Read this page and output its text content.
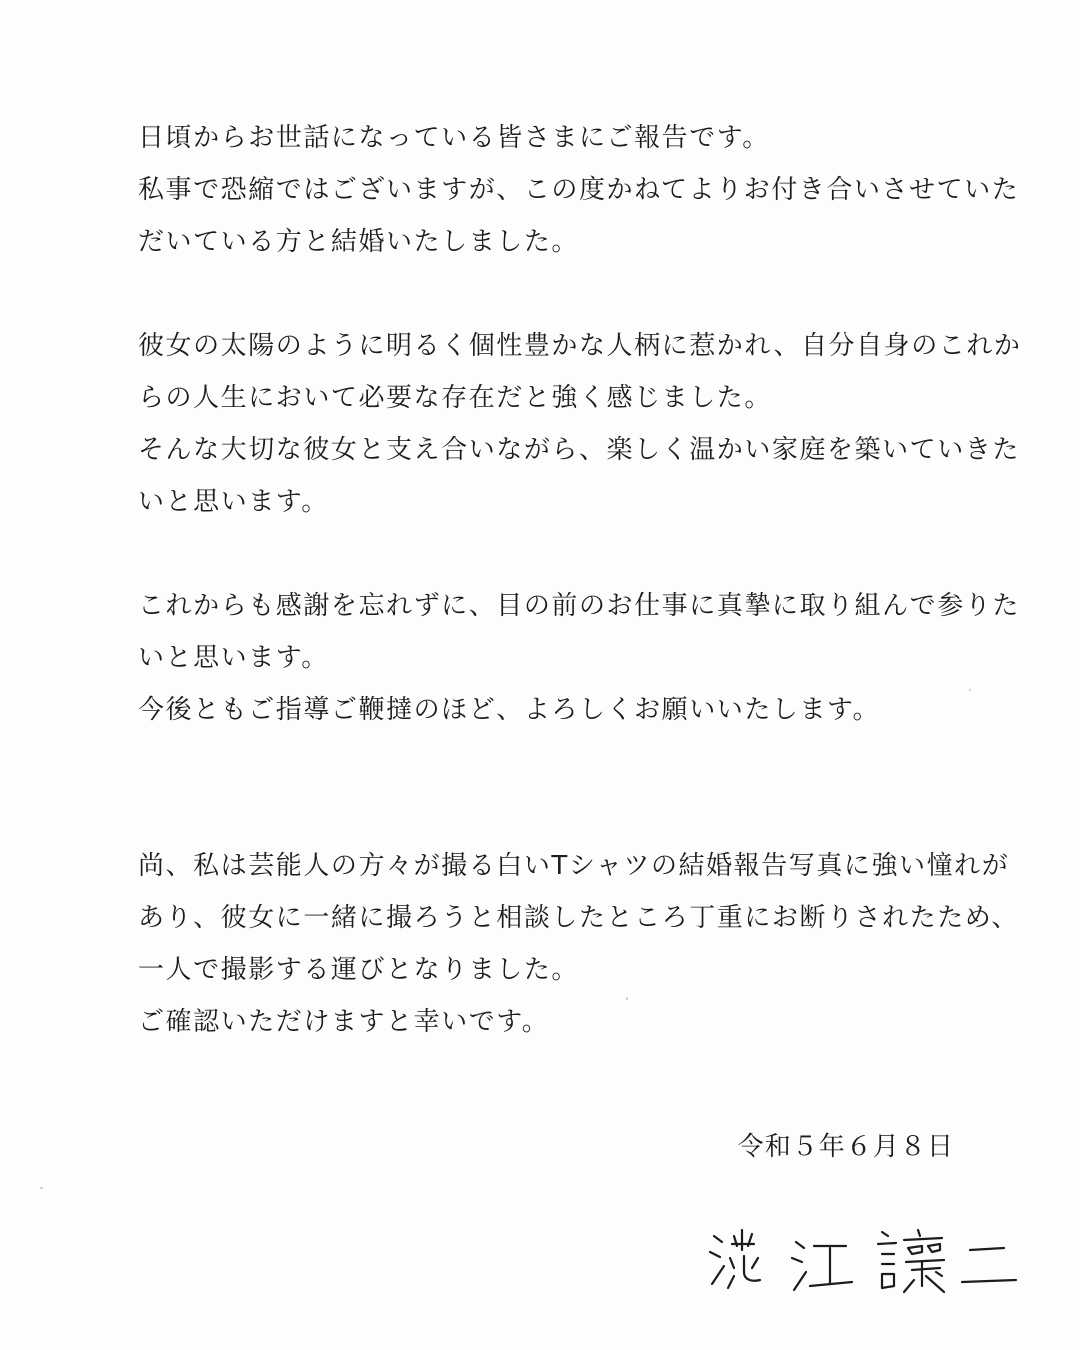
日頃からお世話になっている皆さまにご報告です。
私事で恐縮ではございますが、この度かねてよりお付き合いさせていた
だいている方と結婚いたしました。
彼女の太陽のように明るく個性豊かな人柄に惹かれ、自分自身のこれか
らの人生において必要な存在だと強く感じました。
そんな大切な彼女と支え合いながら、楽しく温かい家庭を築いていきた
いと思います。
これからも感謝を忘れずに、目の前のお仕事に真摯に取り組んで参りた
いと思います。
今後ともご指導ご鞭撻のほど、よろしくお願いいたします。
尚、私は芸能人の方々が撮る白いTシャツの結婚報告写真に強い憧れが
あり、彼女に一緒に撮ろうと相談したところ丁重にお断りされたため、
一人で撮影する運びとなりました。
ご確認いただけますと幸いです。
令和５年６月８日
